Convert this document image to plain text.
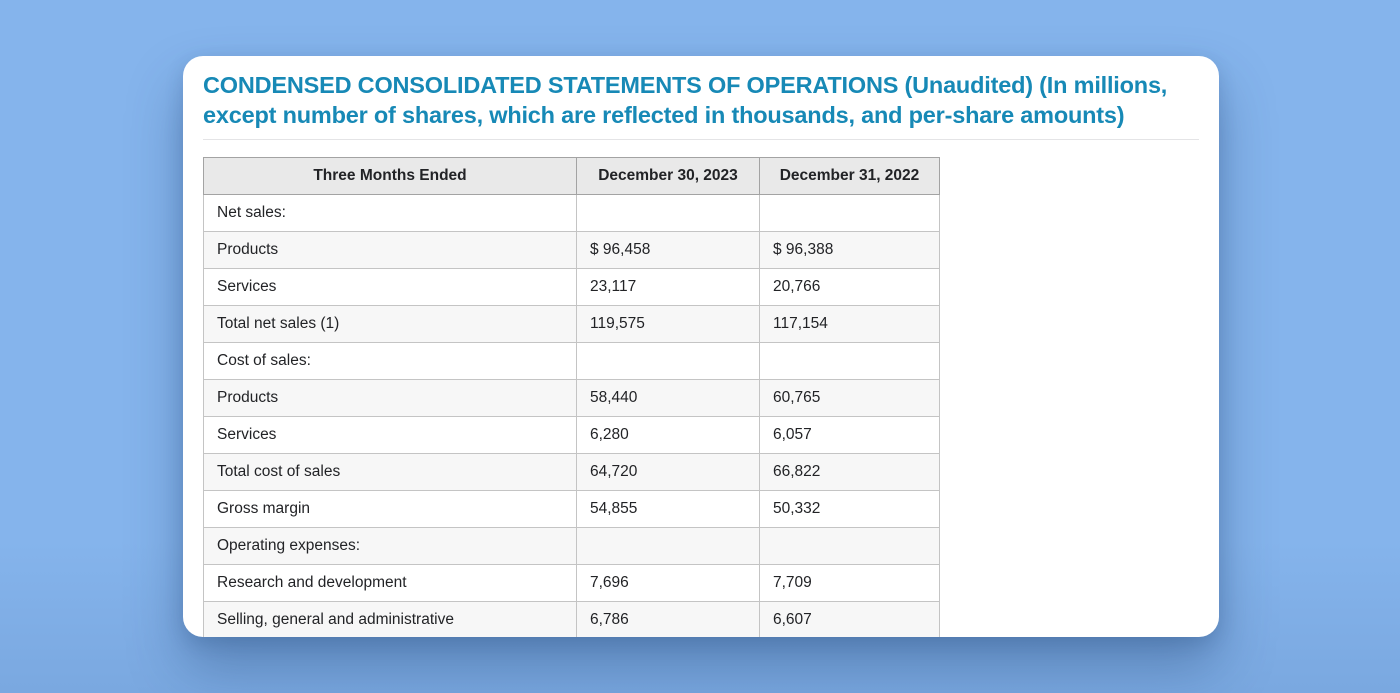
CONDENSED CONSOLIDATED STATEMENTS OF OPERATIONS (Unaudited) (In millions, except number of shares, which are reflected in thousands, and per-share amounts)
Three Months Ended	December 30, 2023	December 31, 2022
Net sales:		
Products	$ 96,458	$ 96,388
Services	23,117	20,766
Total net sales (1)	119,575	117,154
Cost of sales:		
Products	58,440	60,765
Services	6,280	6,057
Total cost of sales	64,720	66,822
Gross margin	54,855	50,332
Operating expenses:		
Research and development	7,696	7,709
Selling, general and administrative	6,786	6,607
